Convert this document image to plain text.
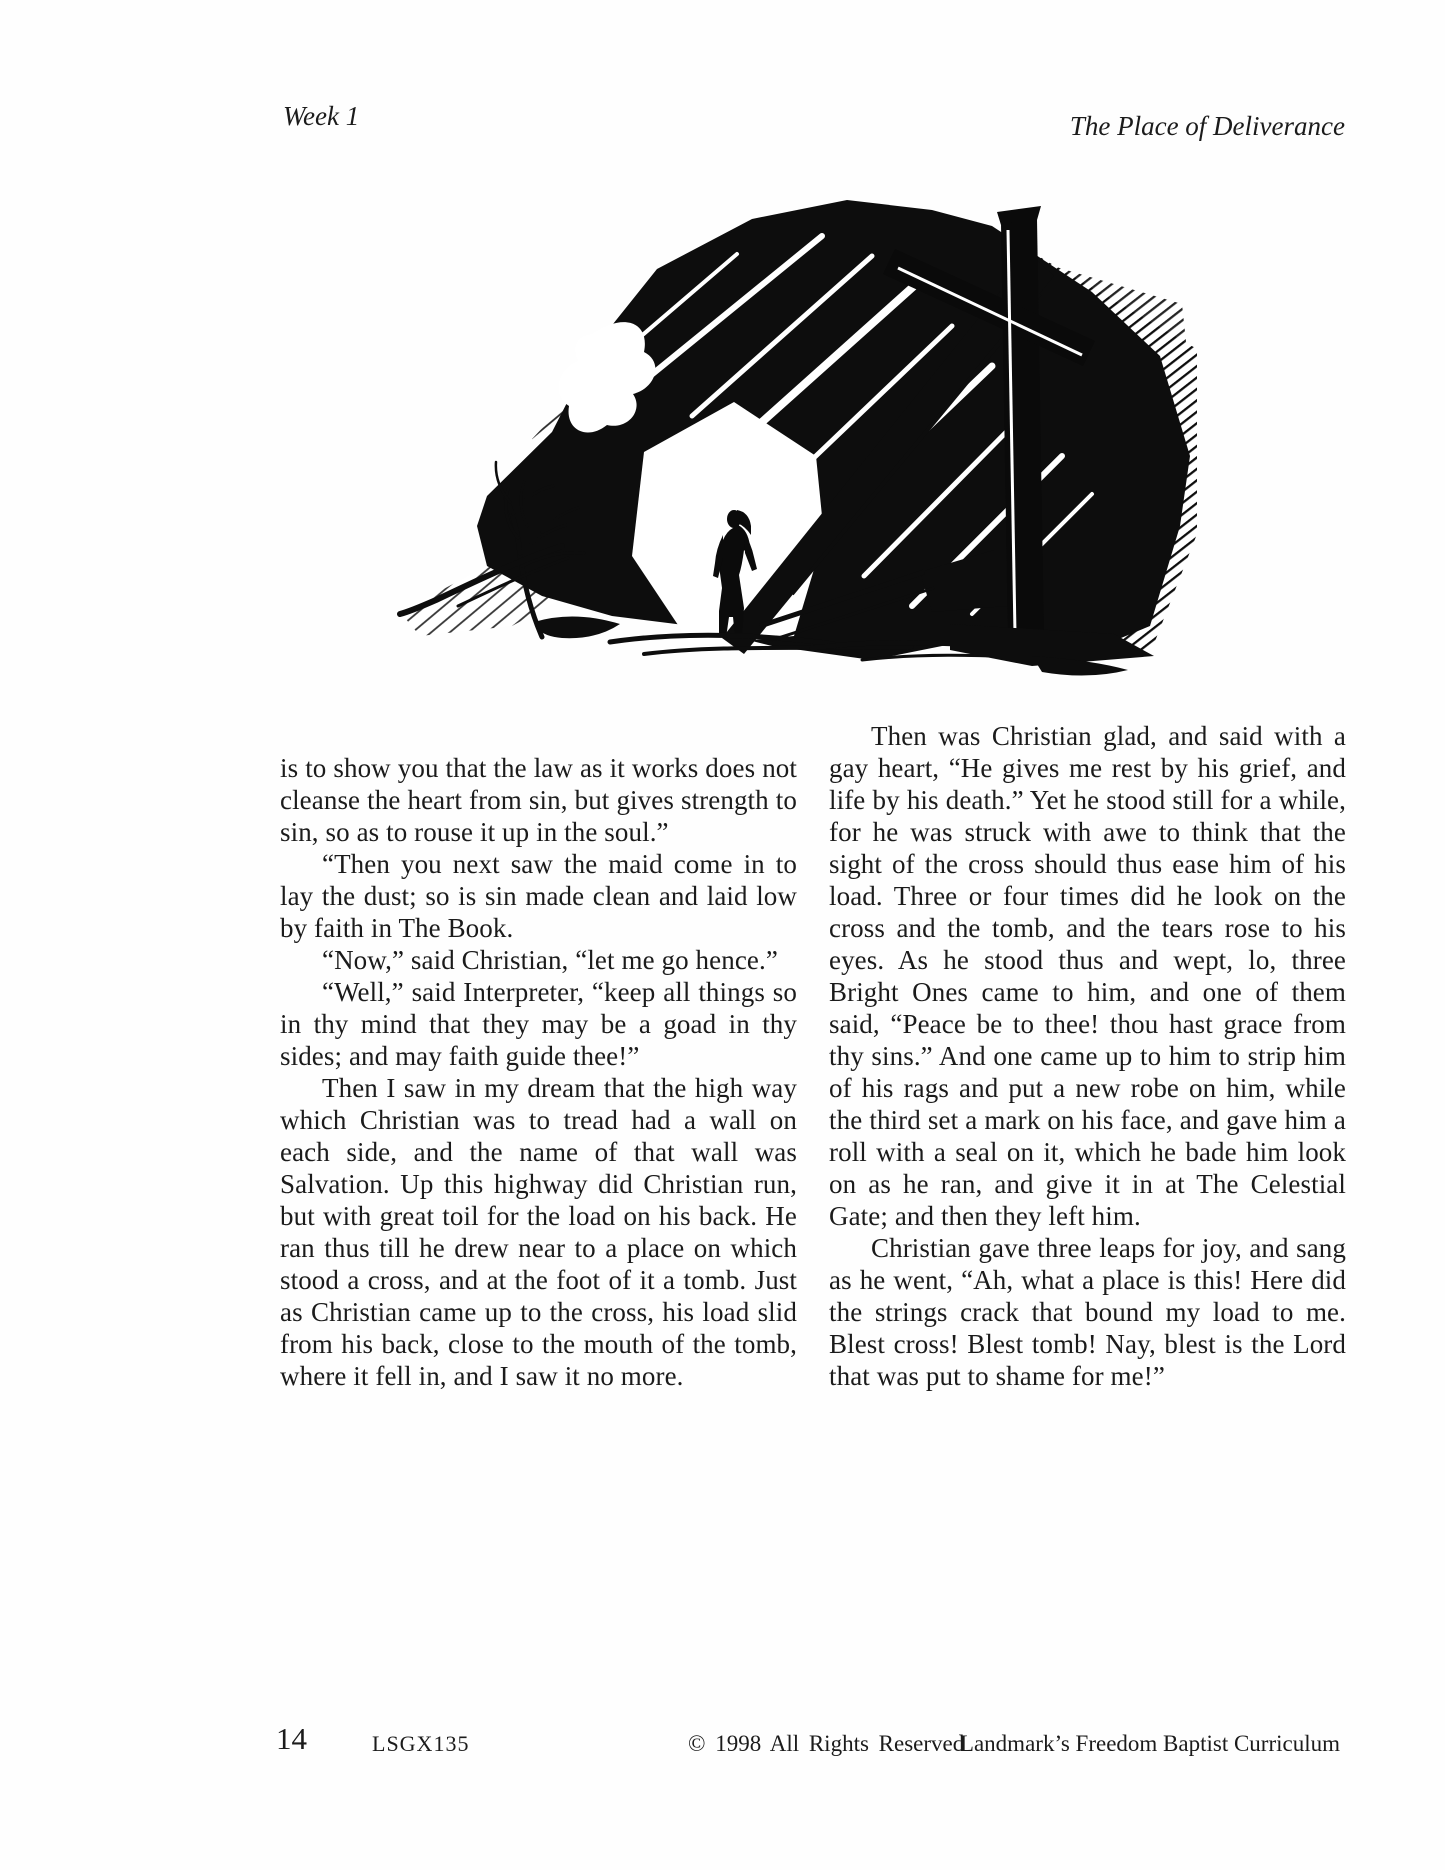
Week 1	The Place of Deliverance

is to show you that the law as it works does not cleanse the heart from sin, but gives strength to sin, so as to rouse it up in the soul.”

“Then you next saw the maid come in to lay the dust; so is sin made clean and laid low by faith in The Book.

“Now,” said Christian, “let me go hence.”

“Well,” said Interpreter, “keep all things so in thy mind that they may be a goad in thy sides; and may faith guide thee!”

Then I saw in my dream that the high way which Christian was to tread had a wall on each side, and the name of that wall was Salvation. Up this highway did Christian run, but with great toil for the load on his back. He ran thus till he drew near to a place on which stood a cross, and at the foot of it a tomb. Just as Christian came up to the cross, his load slid from his back, close to the mouth of the tomb, where it fell in, and I saw it no more.

Then was Christian glad, and said with a gay heart, “He gives me rest by his grief, and life by his death.” Yet he stood still for a while, for he was struck with awe to think that the sight of the cross should thus ease him of his load. Three or four times did he look on the cross and the tomb, and the tears rose to his eyes. As he stood thus and wept, lo, three Bright Ones came to him, and one of them said, “Peace be to thee! thou hast grace from thy sins.” And one came up to him to strip him of his rags and put a new robe on him, while the third set a mark on his face, and gave him a roll with a seal on it, which he bade him look on as he ran, and give it in at The Celestial Gate; and then they left him.

Christian gave three leaps for joy, and sang as he went, “Ah, what a place is this! Here did the strings crack that bound my load to me. Blest cross! Blest tomb! Nay, blest is the Lord that was put to shame for me!”

14	LSGX135	© 1998 All Rights Reserved
Landmark’s Freedom Baptist Curriculum
